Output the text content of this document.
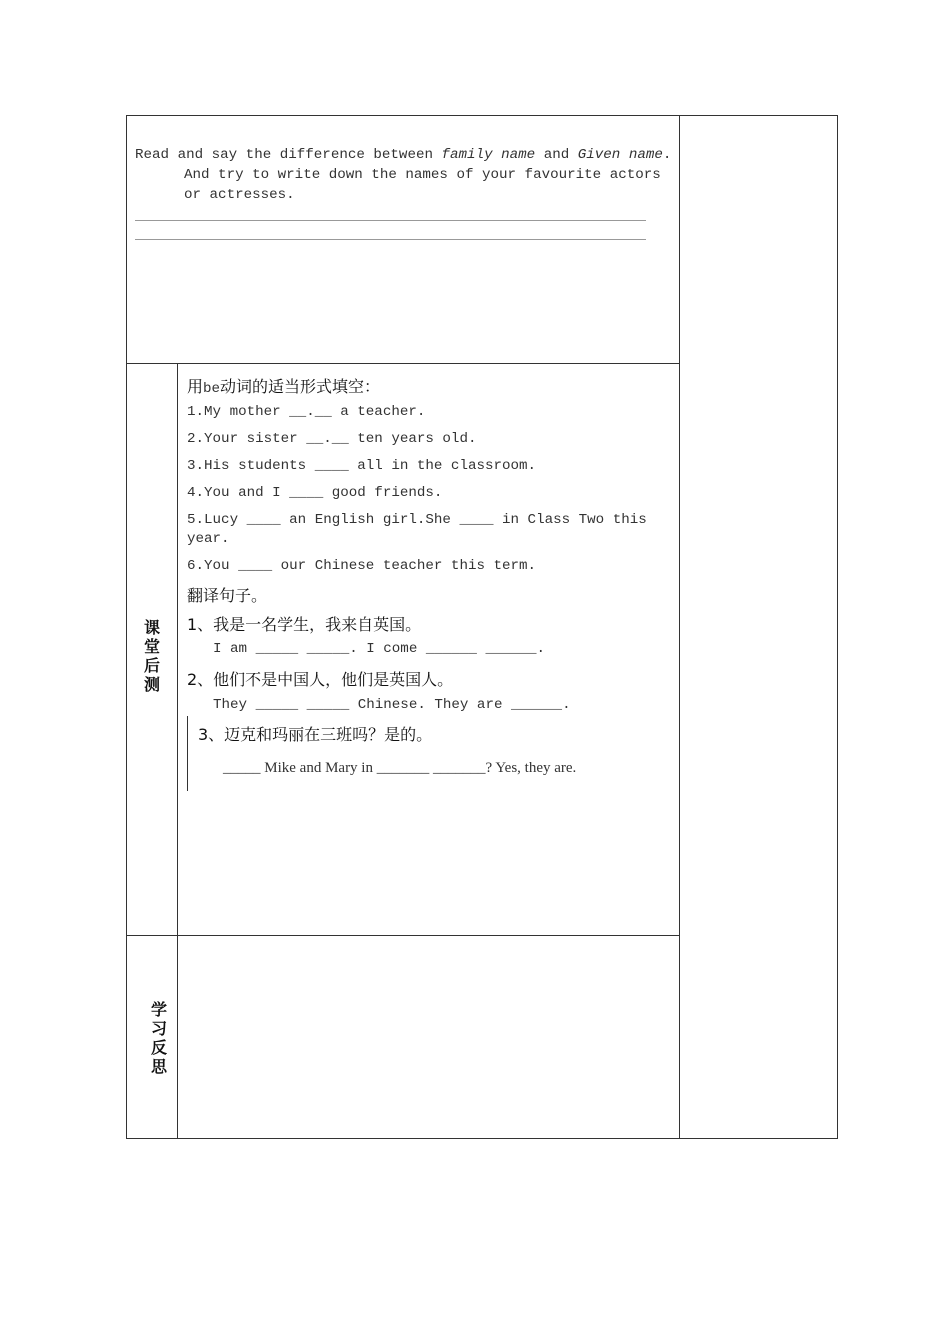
Read and say the difference between family name and Given name.
And try to write down the names of your favourite actors
or actresses.
课堂后测
用be动词的适当形式填空：
1.My mother __.__ a teacher.
2.Your sister __.__ ten years old.
3.His students ____ all in the classroom.
4.You and I ____ good friends.
5.Lucy ____ an English girl.She ____ in Class Two this
year.
6.You ____ our Chinese teacher this term.
翻译句子。
1、我是一名学生，我来自英国。
I am _____ _____. I come ______ ______.
2、他们不是中国人，他们是英国人。
They _____ _____ Chinese. They are ______.
3、迈克和玛丽在三班吗？是的。
_____ Mike and Mary in _______ _______? Yes, they are.
学习反思
